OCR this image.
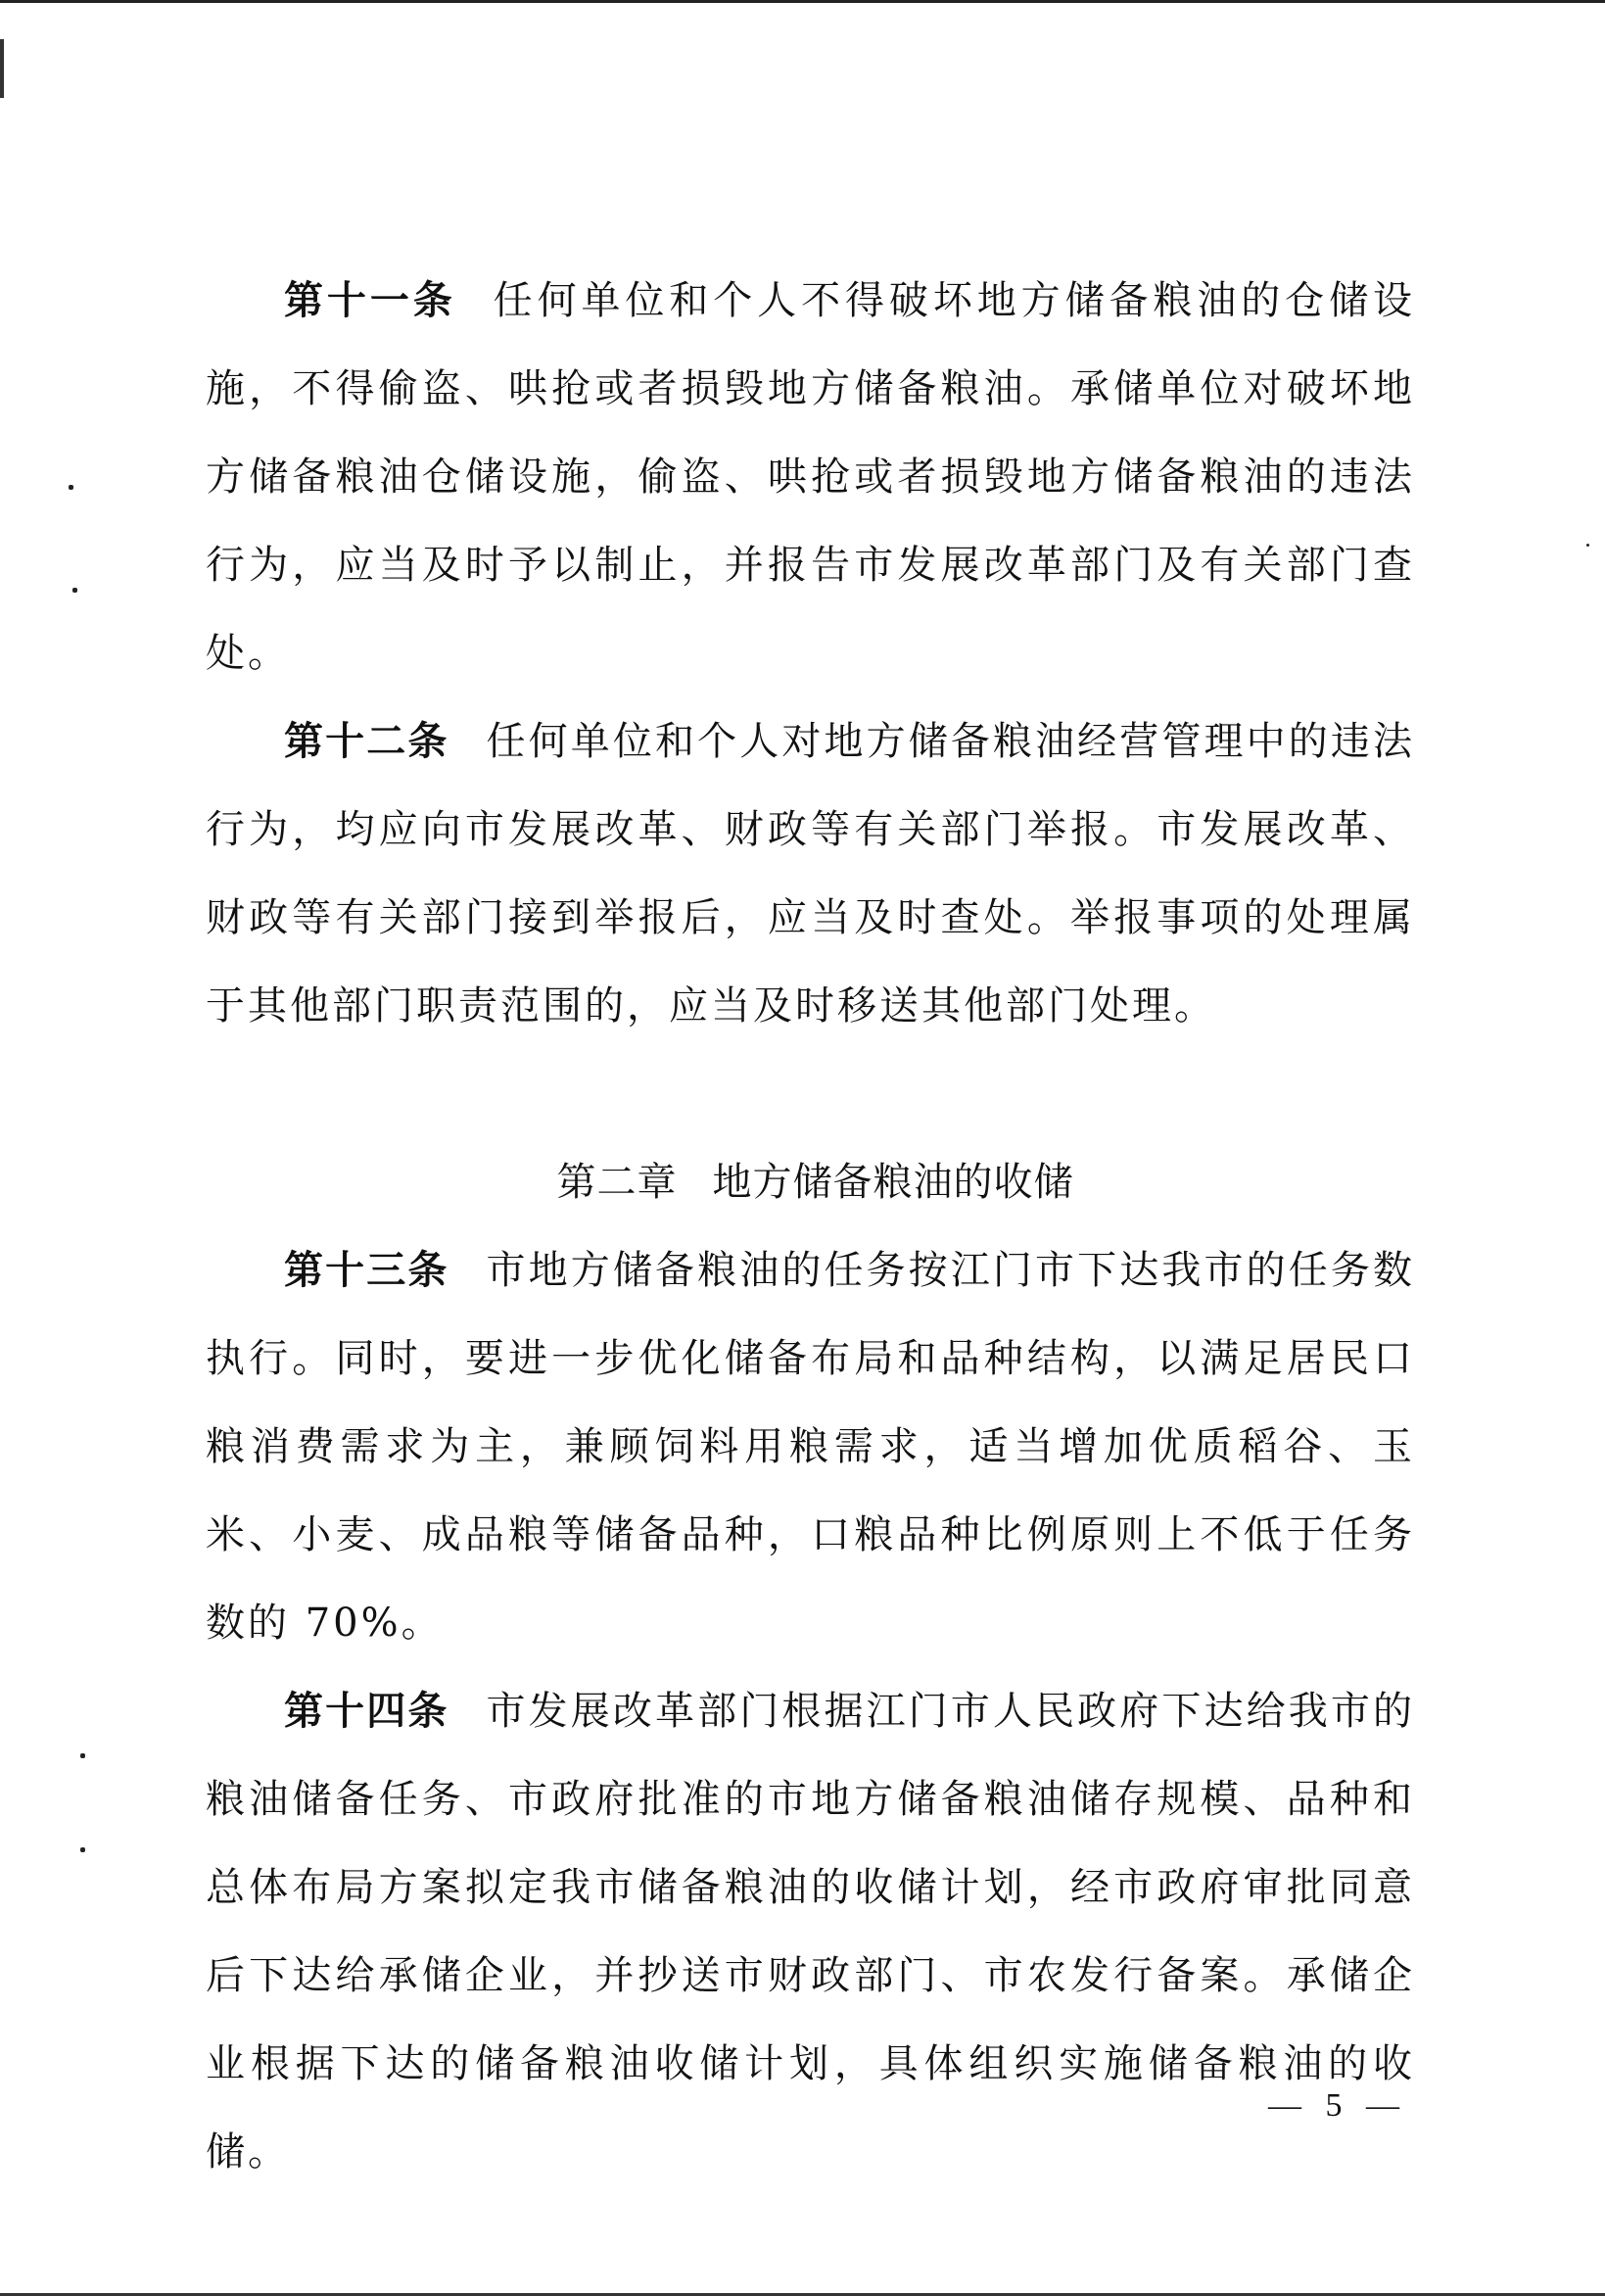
第十一条 任何单位和个人不得破坏地方储备粮油的仓储设施，不得偷盗、哄抢或者损毁地方储备粮油。承储单位对破坏地方储备粮油仓储设施，偷盗、哄抢或者损毁地方储备粮油的违法行为，应当及时予以制止，并报告市发展改革部门及有关部门查处。

第十二条 任何单位和个人对地方储备粮油经营管理中的违法行为，均应向市发展改革、财政等有关部门举报。市发展改革、财政等有关部门接到举报后，应当及时查处。举报事项的处理属于其他部门职责范围的，应当及时移送其他部门处理。

第二章 地方储备粮油的收储

第十三条 市地方储备粮油的任务按江门市下达我市的任务数执行。同时，要进一步优化储备布局和品种结构，以满足居民口粮消费需求为主，兼顾饲料用粮需求，适当增加优质稻谷、玉米、小麦、成品粮等储备品种，口粮品种比例原则上不低于任务数的 70%。

第十四条 市发展改革部门根据江门市人民政府下达给我市的粮油储备任务、市政府批准的市地方储备粮油储存规模、品种和总体布局方案拟定我市储备粮油的收储计划，经市政府审批同意后下达给承储企业，并抄送市财政部门、市农发行备案。承储企业根据下达的储备粮油收储计划，具体组织实施储备粮油的收储。

— 5 —
